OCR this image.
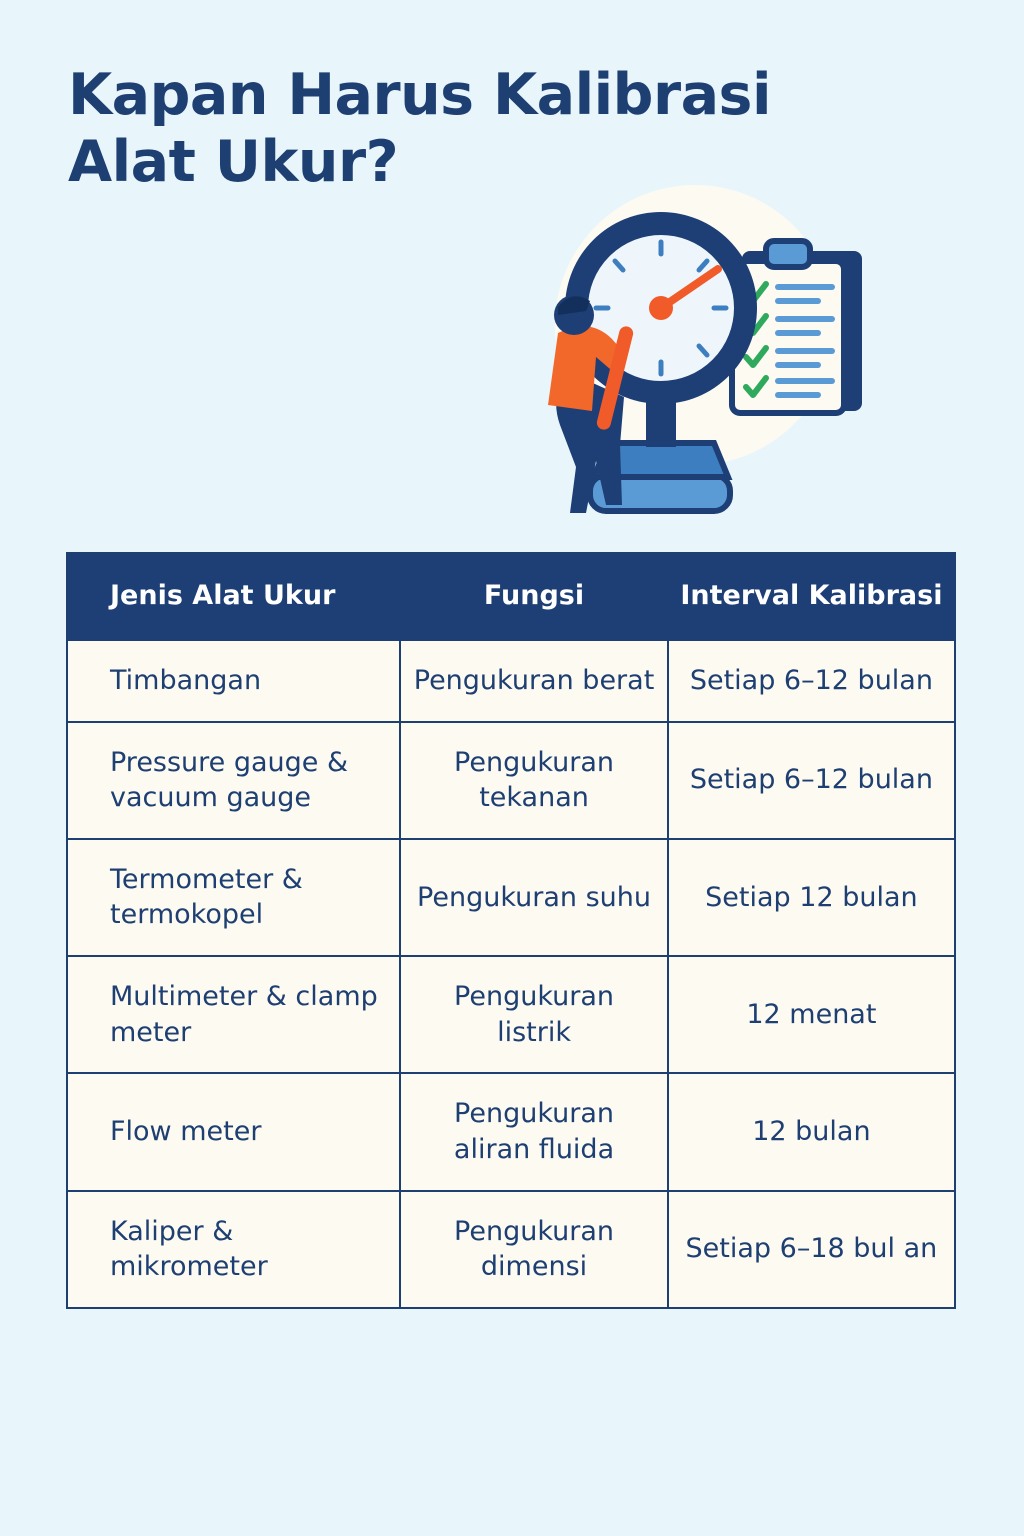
Kapan Harus Kalibrasi
Alat Ukur?
Jenis Alat Ukur	Fungsi	Interval Kalibrasi
Timbangan	Pengukuran berat	Setiap 6–12 bulan
Pressure gauge & vacuum gauge	Pengukuran tekanan	Setiap 6–12 bulan
Termometer & termokopel	Pengukuran suhu	Setiap 12 bulan
Multimeter & clamp meter	Pengukuran listrik	12 menat
Flow meter	Pengukuran aliran fluida	12 bulan
Kaliper & mikrometer	Pengukuran dimensi	Setiap 6–18 bul an
